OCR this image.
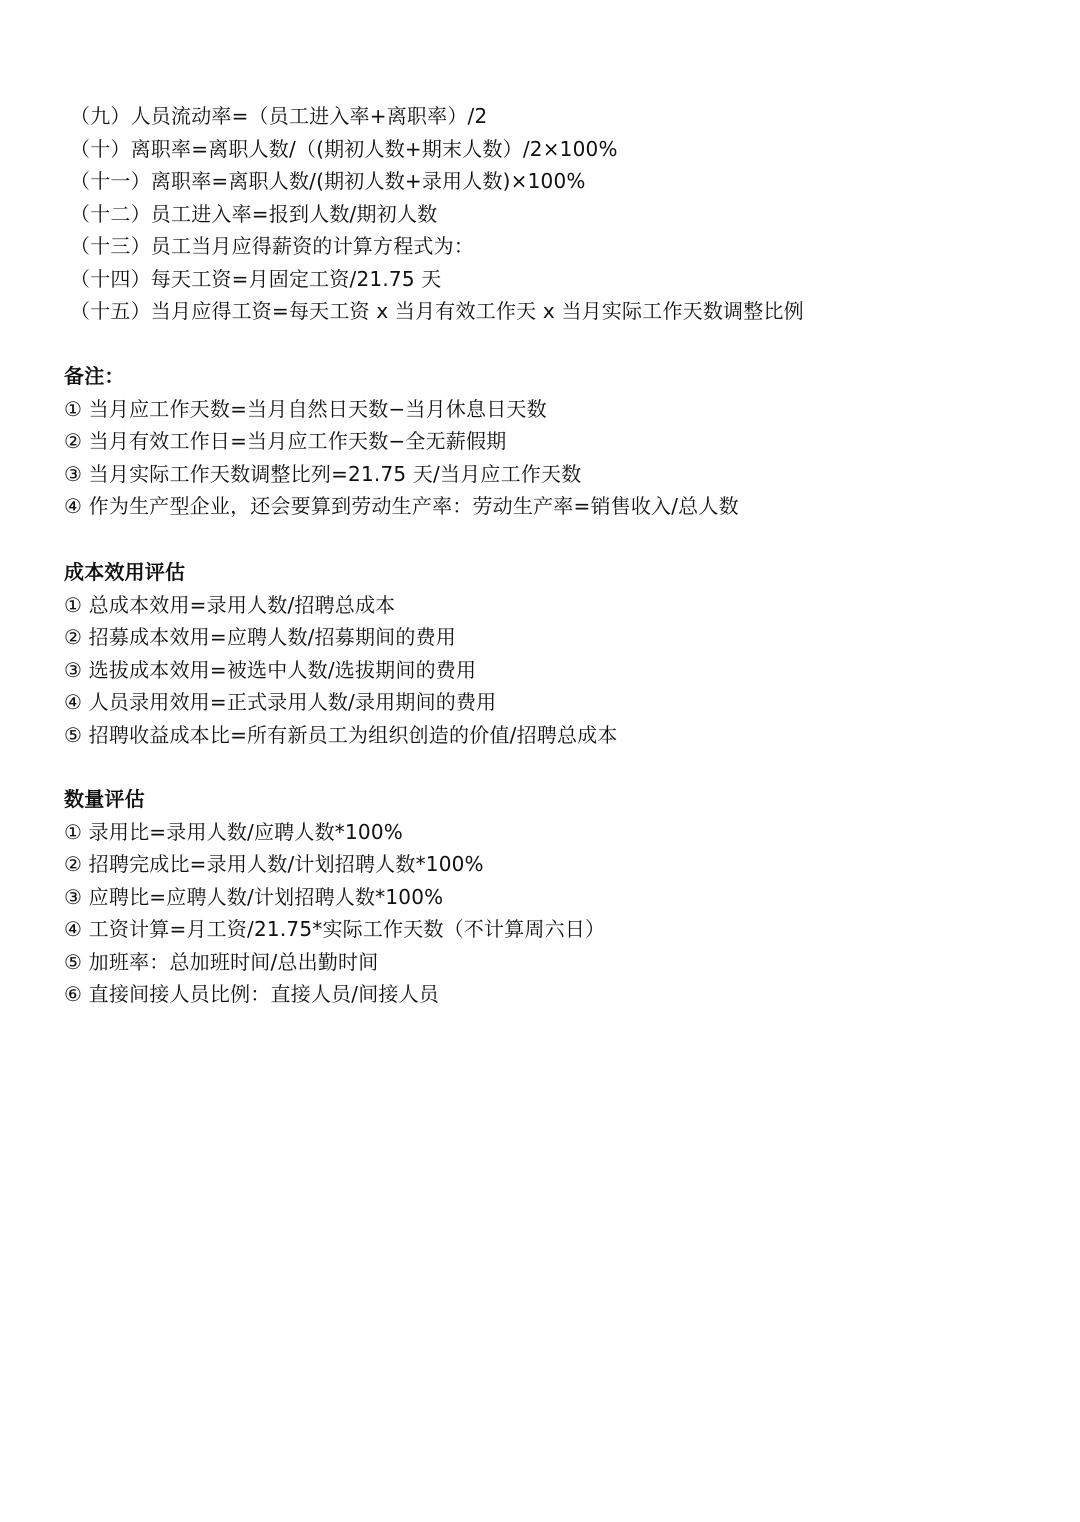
（九）人员流动率=（员工进入率+离职率）/2
（十）离职率=离职人数/（(期初人数+期末人数）/2×100%
（十一）离职率=离职人数/(期初人数+录用人数)×100%
（十二）员工进入率=报到人数/期初人数
（十三）员工当月应得薪资的计算方程式为：
（十四）每天工资=月固定工资/21.75 天
（十五）当月应得工资=每天工资 x 当月有效工作天 x 当月实际工作天数调整比例
备注：
① 当月应工作天数=当月自然日天数−当月休息日天数
② 当月有效工作日=当月应工作天数−全无薪假期
③ 当月实际工作天数调整比列=21.75 天/当月应工作天数
④ 作为生产型企业，还会要算到劳动生产率：劳动生产率=销售收入/总人数
成本效用评估
① 总成本效用=录用人数/招聘总成本
② 招募成本效用=应聘人数/招募期间的费用
③ 选拔成本效用=被选中人数/选拔期间的费用
④ 人员录用效用=正式录用人数/录用期间的费用
⑤ 招聘收益成本比=所有新员工为组织创造的价值/招聘总成本
数量评估
① 录用比=录用人数/应聘人数*100%
② 招聘完成比=录用人数/计划招聘人数*100%
③ 应聘比=应聘人数/计划招聘人数*100%
④ 工资计算=月工资/21.75*实际工作天数（不计算周六日）
⑤ 加班率：总加班时间/总出勤时间
⑥ 直接间接人员比例：直接人员/间接人员
